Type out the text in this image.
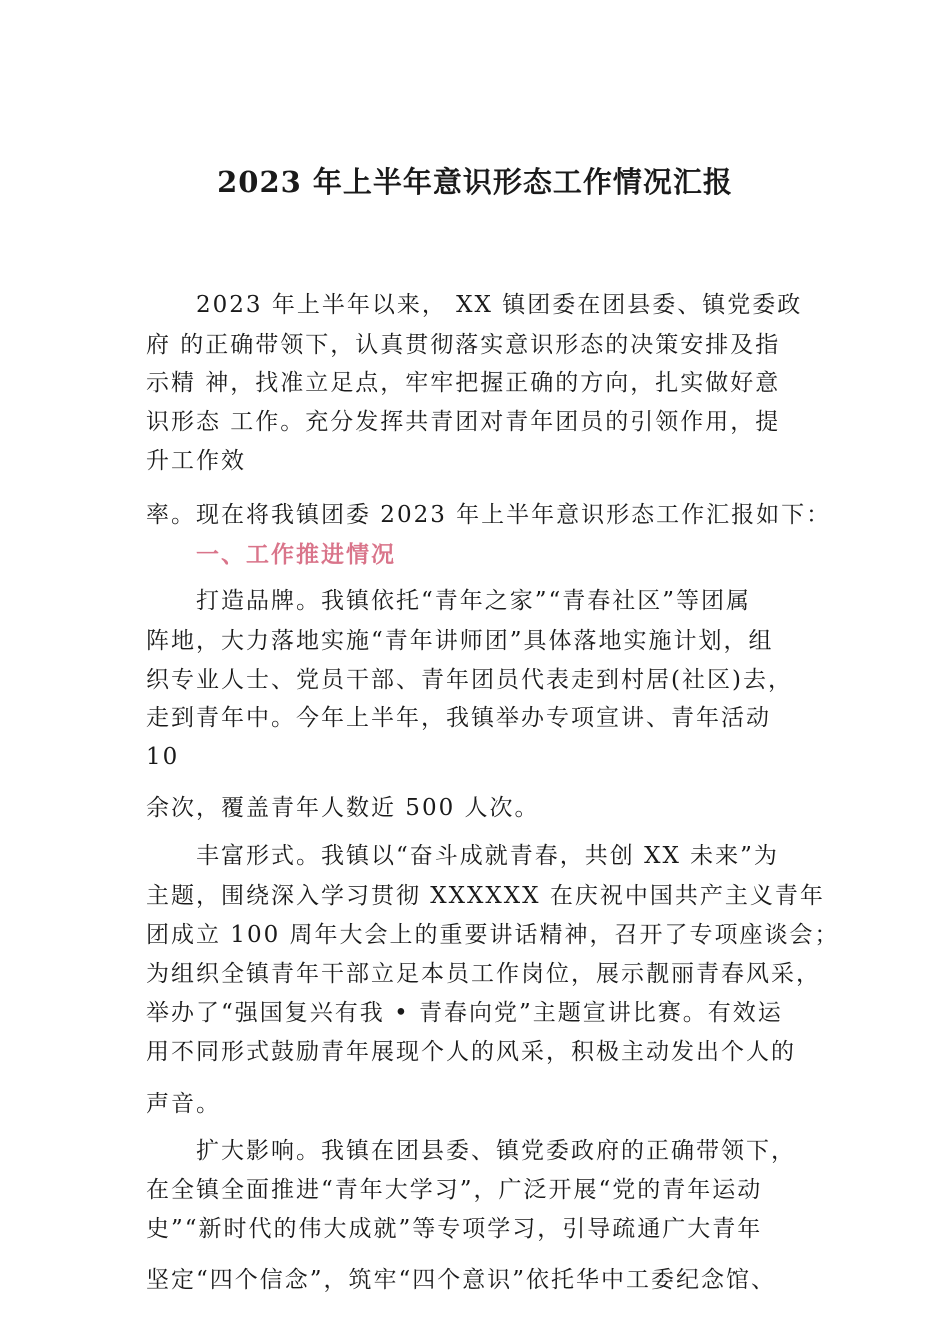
2023 年上半年意识形态工作情况汇报
2023 年上半年以来， XX 镇团委在团县委、镇党委政
府 的正确带领下，认真贯彻落实意识形态的决策安排及指
示精 神，找准立足点，牢牢把握正确的方向，扎实做好意
识形态 工作。充分发挥共青团对青年团员的引领作用，提
升工作效
率。现在将我镇团委 2023 年上半年意识形态工作汇报如下：
一、工作推进情况
打造品牌。我镇依托“青年之家”“青春社区”等团属
阵地，大力落地实施“青年讲师团”具体落地实施计划，组
织专业人士、党员干部、青年团员代表走到村居(社区)去，
走到青年中。今年上半年，我镇举办专项宣讲、青年活动
10
余次，覆盖青年人数近 500 人次。
丰富形式。我镇以“奋斗成就青春，共创 XX 未来”为
主题，围绕深入学习贯彻 XXXXXX 在庆祝中国共产主义青年
团成立 100 周年大会上的重要讲话精神，召开了专项座谈会；
为组织全镇青年干部立足本员工作岗位，展示靓丽青春风采，
举办了“强国复兴有我 • 青春向党”主题宣讲比赛。有效运
用不同形式鼓励青年展现个人的风采，积极主动发出个人的
声音。
扩大影响。我镇在团县委、镇党委政府的正确带领下，
在全镇全面推进“青年大学习”，广泛开展“党的青年运动
史”“新时代的伟大成就”等专项学习，引导疏通广大青年
坚定“四个信念”，筑牢“四个意识”依托华中工委纪念馆、
